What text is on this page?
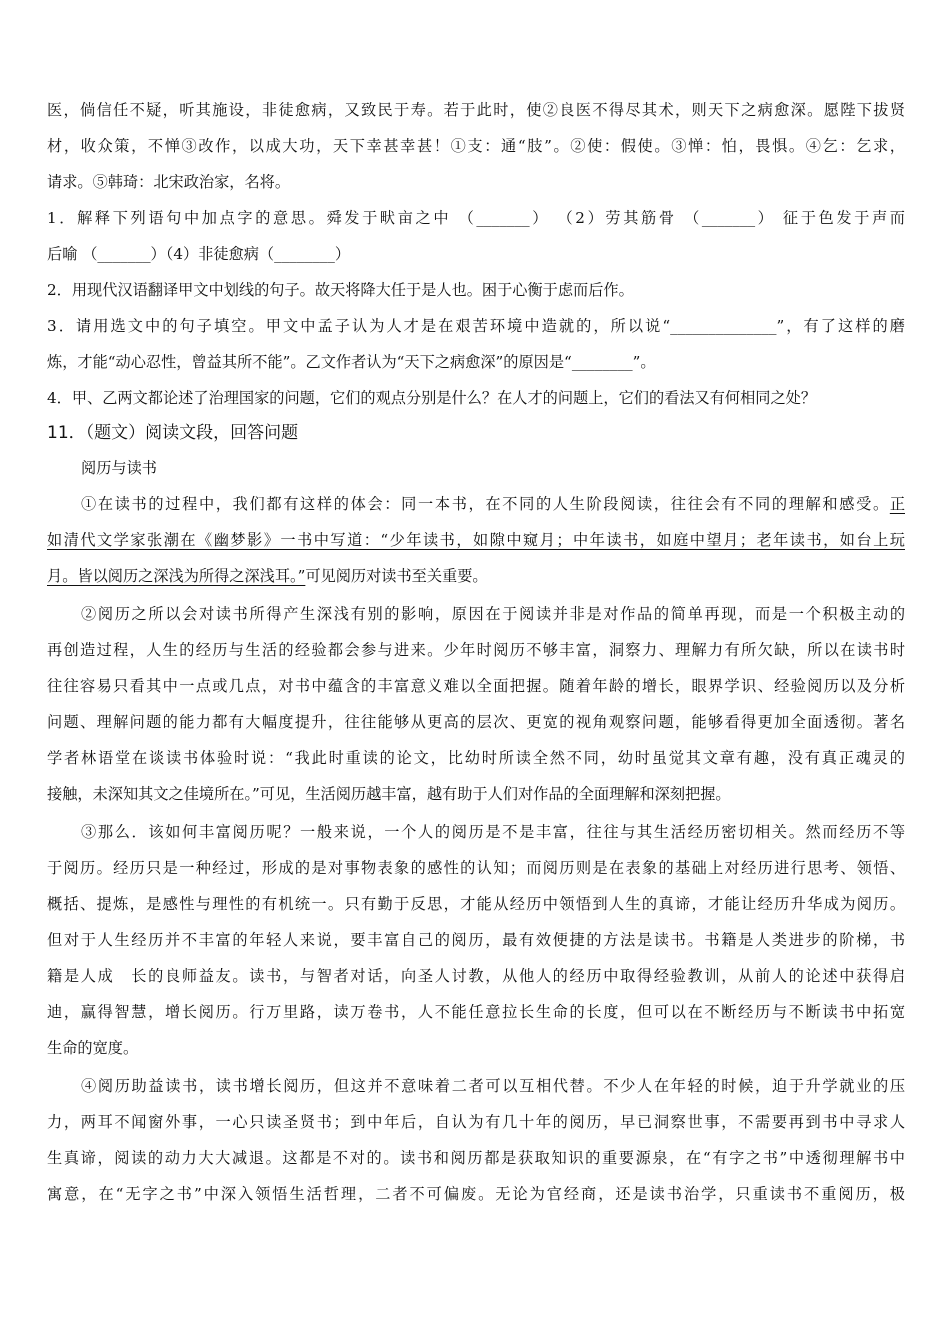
医，倘信任不疑，听其施设，非徒愈病，又致民于寿。若于此时，使②良医不得尽其术，则天下之病愈深。愿陛下拔贤
材，收众策，不惮③改作，以成大功，天下幸甚幸甚！①支：通“肢”。②使：假使。③惮：怕，畏惧。④乞：乞求，
请求。⑤韩琦：北宋政治家，名将。
1．解释下列语句中加点字的意思。舜发于畎亩之中 （_______） （2）劳其筋骨 （_______） 征于色发于声而
后喻 （_______）（4）非徒愈病（________）
2．用现代汉语翻译甲文中划线的句子。故天将降大任于是人也。困于心衡于虑而后作。
3．请用选文中的句子填空。甲文中孟子认为人才是在艰苦环境中造就的，所以说“______________”，有了这样的磨
炼，才能“动心忍性，曾益其所不能”。乙文作者认为“天下之病愈深”的原因是“________”。
4．甲、乙两文都论述了治理国家的问题，它们的观点分别是什么？在人才的问题上，它们的看法又有何相同之处？
11．（题文）阅读文段，回答问题
阅历与读书
①在读书的过程中，我们都有这样的体会：同一本书，在不同的人生阶段阅读，往往会有不同的理解和感受。正
如清代文学家张潮在《幽梦影》一书中写道：“少年读书，如隙中窥月；中年读书，如庭中望月；老年读书，如台上玩
月。皆以阅历之深浅为所得之深浅耳。”可见阅历对读书至关重要。
②阅历之所以会对读书所得产生深浅有别的影响，原因在于阅读并非是对作品的简单再现，而是一个积极主动的
再创造过程，人生的经历与生活的经验都会参与进来。少年时阅历不够丰富，洞察力、理解力有所欠缺，所以在读书时
往往容易只看其中一点或几点，对书中蕴含的丰富意义难以全面把握。随着年龄的增长，眼界学识、经验阅历以及分析
问题、理解问题的能力都有大幅度提升，往往能够从更高的层次、更宽的视角观察问题，能够看得更加全面透彻。著名
学者林语堂在谈读书体验时说：“我此时重读的论文，比幼时所读全然不同，幼时虽觉其文章有趣，没有真正魂灵的
接触，未深知其文之佳境所在。”可见，生活阅历越丰富，越有助于人们对作品的全面理解和深刻把握。
③那么．该如何丰富阅历呢？一般来说，一个人的阅历是不是丰富，往往与其生活经历密切相关。然而经历不等
于阅历。经历只是一种经过，形成的是对事物表象的感性的认知；而阅历则是在表象的基础上对经历进行思考、领悟、
概括、提炼，是感性与理性的有机统一。只有勤于反思，才能从经历中领悟到人生的真谛，才能让经历升华成为阅历。
但对于人生经历并不丰富的年轻人来说，要丰富自己的阅历，最有效便捷的方法是读书。书籍是人类进步的阶梯，书
籍是人成　长的良师益友。读书，与智者对话，向圣人讨教，从他人的经历中取得经验教训，从前人的论述中获得启
迪，赢得智慧，增长阅历。行万里路，读万卷书，人不能任意拉长生命的长度，但可以在不断经历与不断读书中拓宽
生命的宽度。
④阅历助益读书，读书增长阅历，但这并不意味着二者可以互相代替。不少人在年轻的时候，迫于升学就业的压
力，两耳不闻窗外事，一心只读圣贤书；到中年后，自认为有几十年的阅历，早已洞察世事，不需要再到书中寻求人
生真谛，阅读的动力大大减退。这都是不对的。读书和阅历都是获取知识的重要源泉，在“有字之书”中透彻理解书中
寓意，在“无字之书”中深入领悟生活哲理，二者不可偏废。无论为官经商，还是读书治学，只重读书不重阅历，极
